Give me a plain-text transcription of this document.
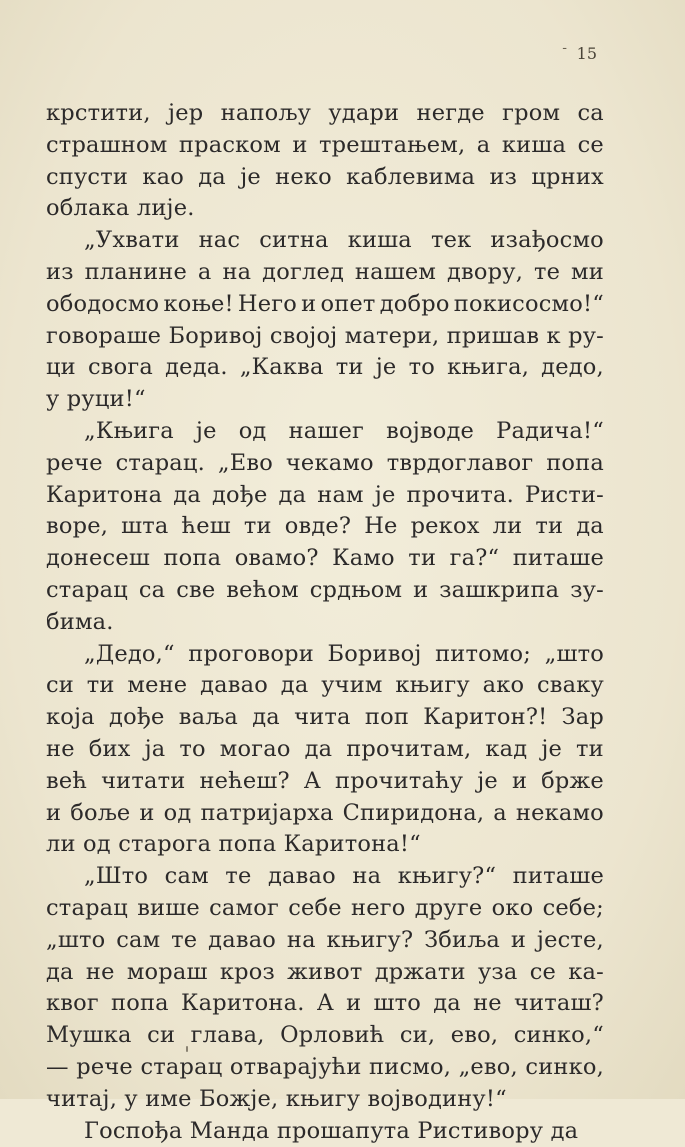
- 15
крстити, јер напољу удари негде гром са
страшном праском и трештањем, а киша се
спусти као да је неко каблевима из црних
облака лије.
„Ухвати нас ситна киша тек изађосмо
из планине а на доглед нашем двору, те ми
ободосмо коње! Него и опет добро покисосмо!“
говораше Боривој својој матери, пришав к ру-
ци свога деда. „Каква ти је то књига, дедо,
у руци!“
„Књига је од нашег војводе Радича!“
рече старац. „Ево чекамо тврдоглавог попа
Каритона да дође да нам је прочита. Ристи-
воре, шта ћеш ти овде? Не рекох ли ти да
донесеш попа овамо? Камо ти га?“ питаше
старац са све већом срдњом и зашкрипа зу-
бима.
„Дедо,“ проговори Боривој питомо; „што
си ти мене давао да учим књигу ако сваку
која дође ваља да чита поп Каритон?! Зар
не бих ја то могао да прочитам, кад је ти
већ читати нећеш? А прочитаћу је и брже
и боље и од патријарха Спиридона, а некамо
ли од старога попа Каритона!“
„Што сам те давао на књигу?“ питаше
старац више самог себе него друге око себе;
„што сам те давао на књигу? Збиља и јесте,
да не мораш кроз живот држати уза се ка-
квог попа Каритона. А и што да не читаш?
Мушка си глава, Орловић си, ево, синко,“
— рече старац отварајући писмо, „ево, синко,
читај, у име Божје, књигу војводину!“
Госпођа Манда прошапута Ристивору да
